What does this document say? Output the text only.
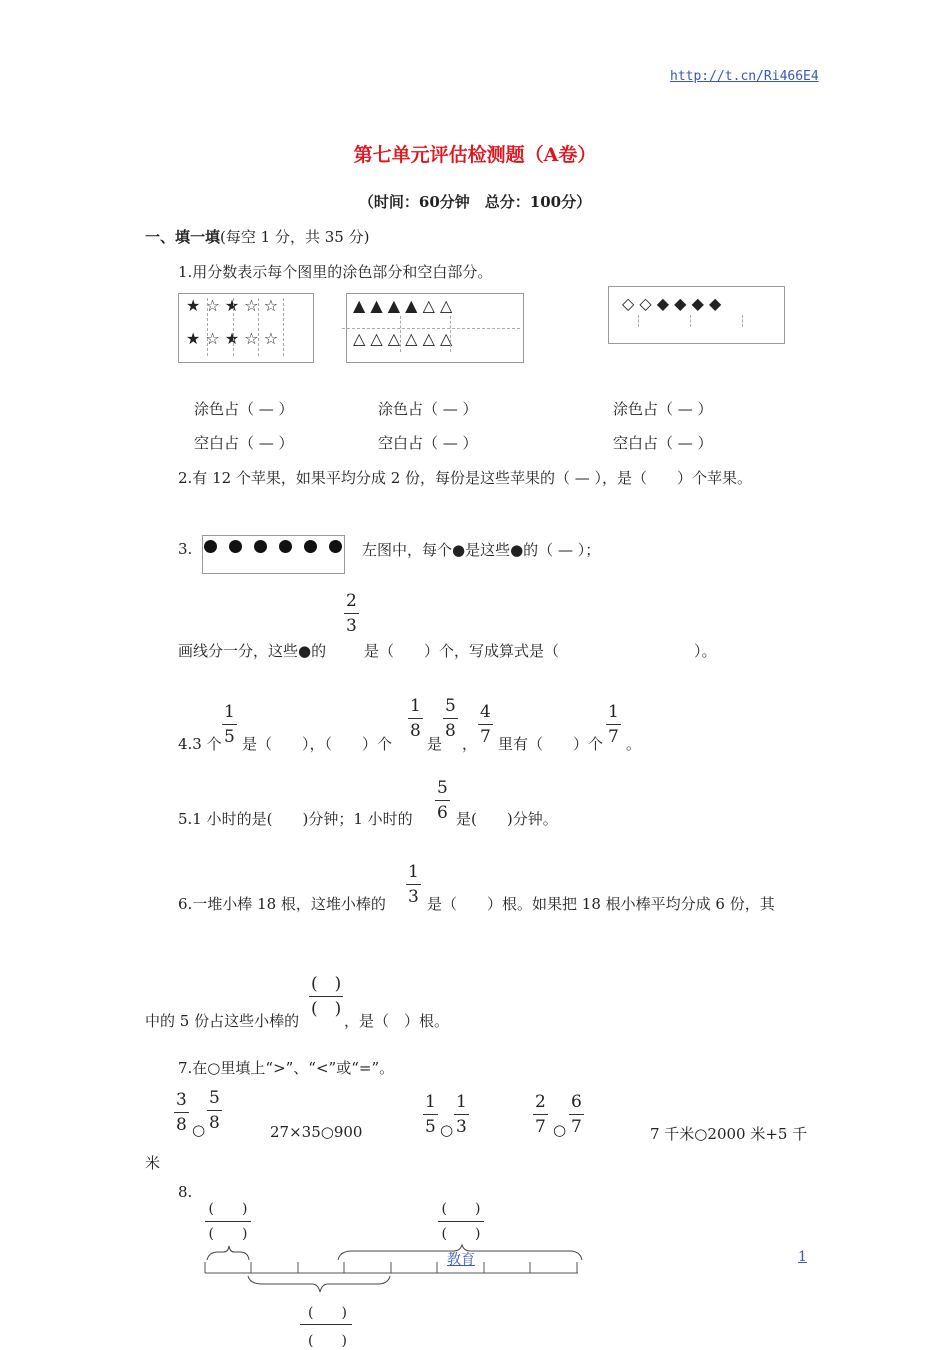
http://t.cn/Ri466E4
第七单元评估检测题（A卷）
（时间：60分钟　总分：100分）
一、填一填(每空 1 分，共 35 分)
1.用分数表示每个图里的涂色部分和空白部分。
★ ☆ ★ ☆ ☆
★ ☆ ★ ☆ ☆
▲ ▲ ▲ ▲ △ △
△ △ △ △ △ △
◇ ◇ ◆ ◆ ◆ ◆
涂色占（ — ）	涂色占（ — ）	涂色占（ — ）
空白占（ — ）	空白占（ — ）	空白占（ — ）
2.有 12 个苹果，如果平均分成 2 份，每份是这些苹果的（ — ），是（　　）个苹果。
3.	左图中，每个●是这些●的（ — ）；
$\frac{2}{3}$
画线分一分，这些●的	是（　　）个，写成算式是（　　　　　　　　　）。
4.3 个 $\frac{1}{5}$ 是（　　），（　　）个
$\frac{1}{8}$
是
$\frac{5}{8}$
， $\frac{4}{7}$ 里有（　　）个 $\frac{1}{7}$ 。
$\frac{5}{6}$
5.1 小时的是(　　)分钟；1 小时的	是(　　)分钟。
$\frac{1}{3}$
6.一堆小棒 18 根，这堆小棒的	是（　　）根。如果把 18 根小棒平均分成 6 份，其
中的 5 份占这些小棒的
(　)
(　)
，是（　）根。
7.在○里填上“>”、“<”或“=”。
$\frac{3}{8}$ ○ $\frac{5}{8}$	27×35○900	$\frac{1}{5}$ ○ $\frac{1}{3}$	$\frac{2}{7}$ ○ $\frac{6}{7}$	7 千米○2000 米+5 千
米
8.
(　　)
(　　)
(　　)
(　　)
(　　)
(　　)
教育	1
